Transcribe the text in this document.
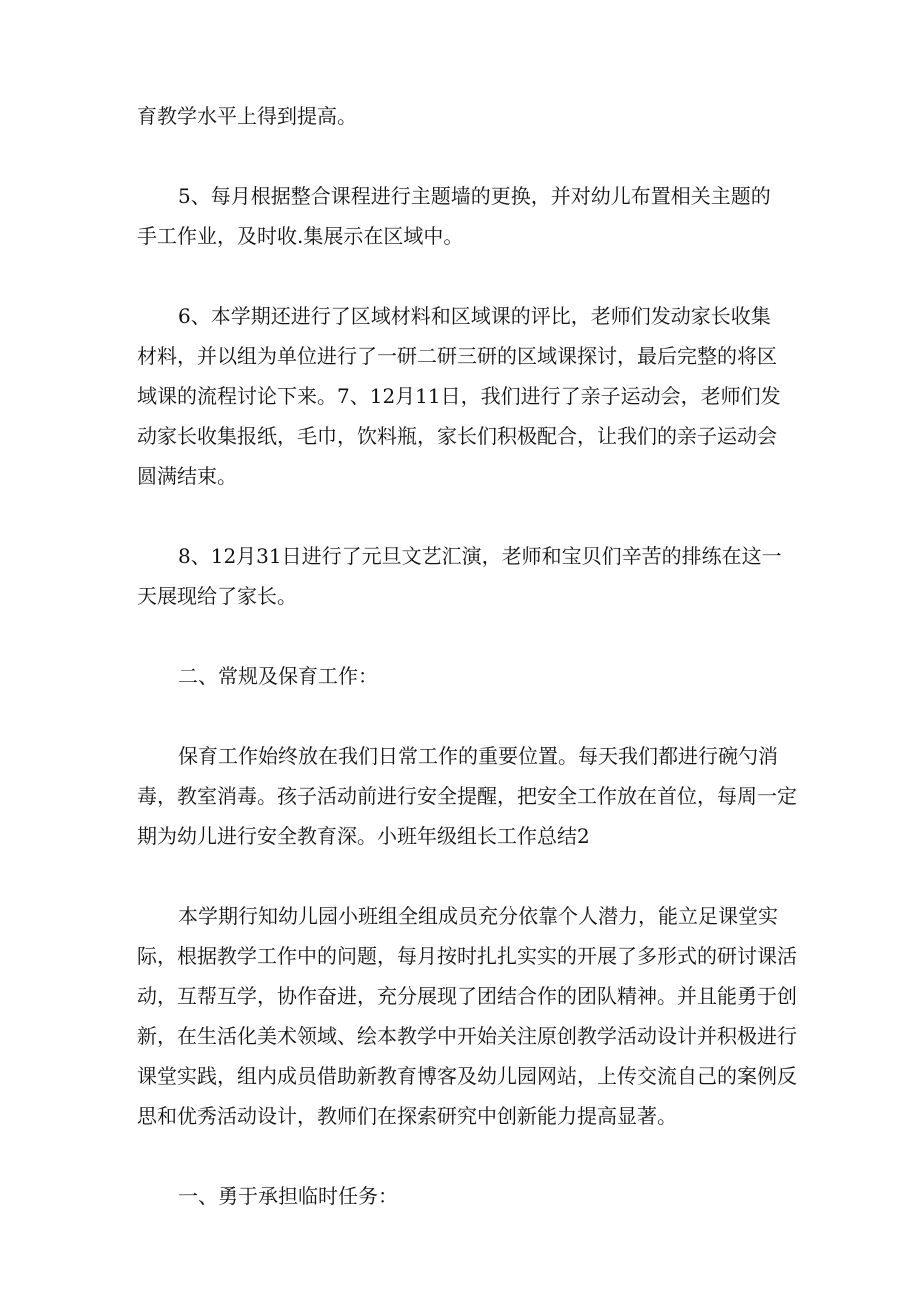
育教学水平上得到提高。

5、每月根据整合课程进行主题墙的更换，并对幼儿布置相关主题的
手工作业，及时收.集展示在区域中。

6、本学期还进行了区域材料和区域课的评比，老师们发动家长收集
材料，并以组为单位进行了一研二研三研的区域课探讨，最后完整的将区
域课的流程讨论下来。7、12月11日，我们进行了亲子运动会，老师们发
动家长收集报纸，毛巾，饮料瓶，家长们积极配合，让我们的亲子运动会
圆满结束。

8、12月31日进行了元旦文艺汇演，老师和宝贝们辛苦的排练在这一
天展现给了家长。

二、常规及保育工作：

保育工作始终放在我们日常工作的重要位置。每天我们都进行碗勺消
毒，教室消毒。孩子活动前进行安全提醒，把安全工作放在首位，每周一定
期为幼儿进行安全教育深。小班年级组长工作总结2

本学期行知幼儿园小班组全组成员充分依靠个人潜力，能立足课堂实
际，根据教学工作中的问题，每月按时扎扎实实的开展了多形式的研讨课活
动，互帮互学，协作奋进，充分展现了团结合作的团队精神。并且能勇于创
新，在生活化美术领域、绘本教学中开始关注原创教学活动设计并积极进行
课堂实践，组内成员借助新教育博客及幼儿园网站，上传交流自己的案例反
思和优秀活动设计，教师们在探索研究中创新能力提高显著。

一、勇于承担临时任务：
